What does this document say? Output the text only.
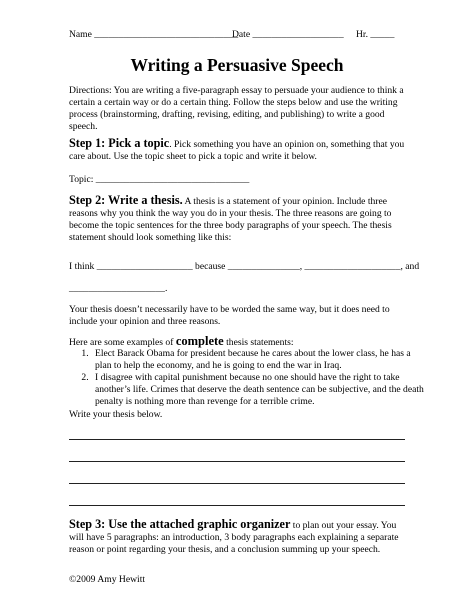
Name ______________________________
Date ___________________ Hr. _____
Writing a Persuasive Speech
Directions: You are writing a five-paragraph essay to persuade your audience to think a certain a certain way or do a certain thing. Follow the steps below and use the writing process (brainstorming, drafting, revising, editing, and publishing) to write a good speech.
Step 1: Pick a topic. Pick something you have an opinion on, something that you care about. Use the topic sheet to pick a topic and write it below.
Topic: ________________________________
Step 2: Write a thesis. A thesis is a statement of your opinion. Include three reasons why you think the way you do in your thesis. The three reasons are going to become the topic sentences for the three body paragraphs of your speech. The thesis statement should look something like this:
I think ____________________ because _______________, ____________________, and
____________________.
Your thesis doesn’t necessarily have to be worded the same way, but it does need to include your opinion and three reasons.
Here are some examples of complete thesis statements:
1. Elect Barack Obama for president because he cares about the lower class, he has a plan to help the economy, and he is going to end the war in Iraq.
2. I disagree with capital punishment because no one should have the right to take another’s life. Crimes that deserve the death sentence can be subjective, and the death penalty is nothing more than revenge for a terrible crime.
Write your thesis below.
Step 3: Use the attached graphic organizer to plan out your essay. You will have 5 paragraphs: an introduction, 3 body paragraphs each explaining a separate reason or point regarding your thesis, and a conclusion summing up your speech.
©2009 Amy Hewitt
